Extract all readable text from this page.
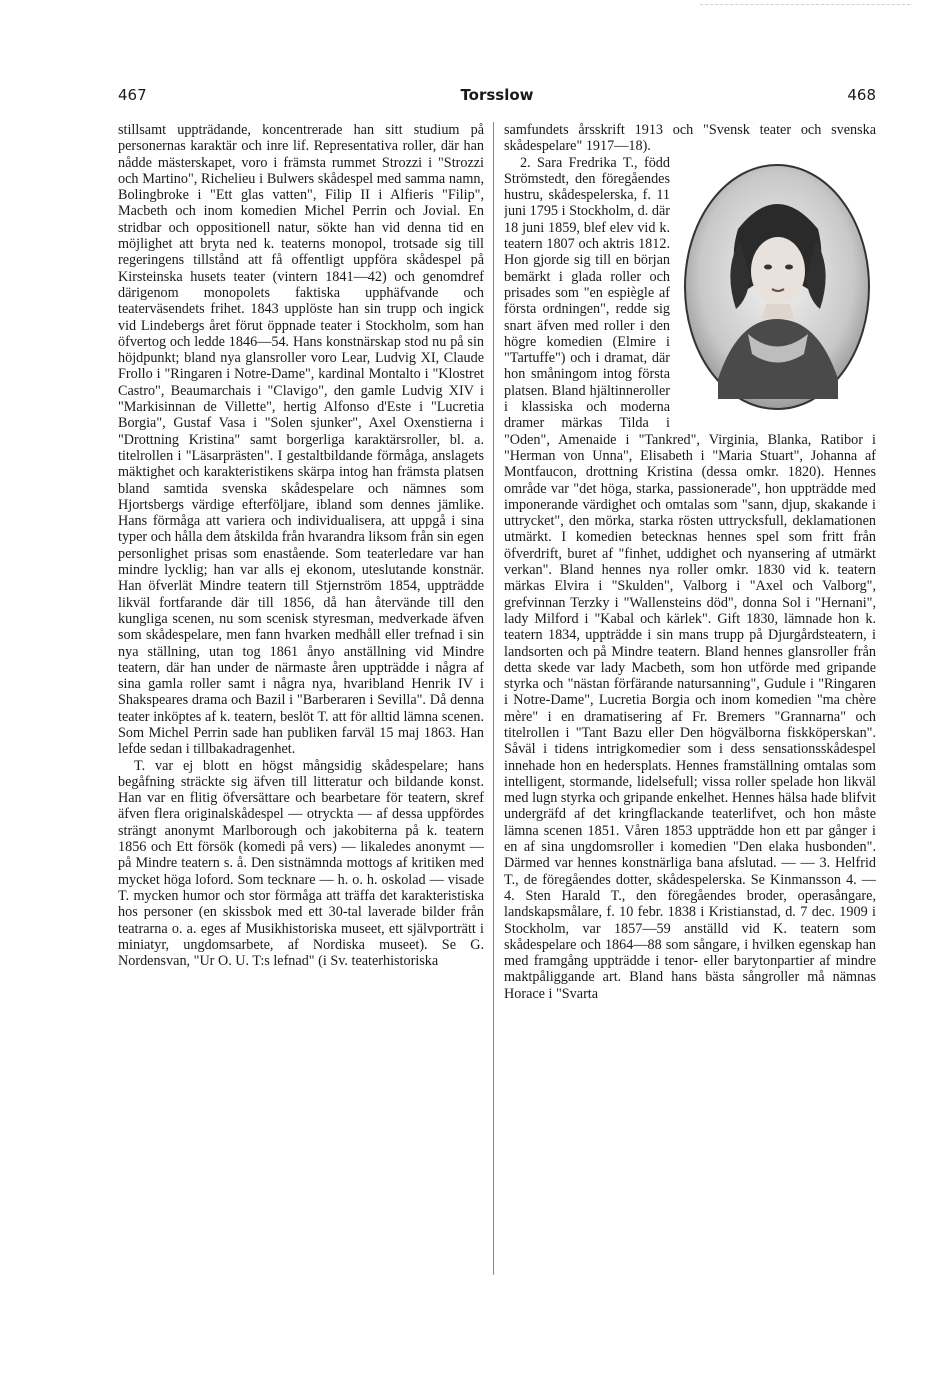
467	Torsslow	468

stillsamt uppträdande, koncentrerade han sitt studium på personernas karaktär och inre lif. Representativa roller, där han nådde mästerskapet, voro i främsta rummet Strozzi i "Strozzi och Martino", Richelieu i Bulwers skådespel med samma namn, Bolingbroke i "Ett glas vatten", Filip II i Alfieris "Filip", Macbeth och inom komedien Michel Perrin och Jovial. En stridbar och oppositionell natur, sökte han vid denna tid en möjlighet att bryta ned k. teaterns monopol, trotsade sig till regeringens tillstånd att få offentligt uppföra skådespel på Kirsteinska husets teater (vintern 1841—42) och genomdref därigenom monopolets faktiska upphäfvande och teaterväsendets frihet. 1843 upplöste han sin trupp och ingick vid Lindebergs året förut öppnade teater i Stockholm, som han öfvertog och ledde 1846—54. Hans konstnärskap stod nu på sin höjdpunkt; bland nya glansroller voro Lear, Ludvig XI, Claude Frollo i "Ringaren i Notre-Dame", kardinal Montalto i "Klostret Castro", Beaumarchais i "Clavigo", den gamle Ludvig XIV i "Markisinnan de Villette", hertig Alfonso d'Este i "Lucretia Borgia", Gustaf Vasa i "Solen sjunker", Axel Oxenstierna i "Drottning Kristina" samt borgerliga karaktärsroller, bl. a. titelrollen i "Läsarprästen". I gestaltbildande förmåga, anslagets mäktighet och karakteristikens skärpa intog han främsta platsen bland samtida svenska skådespelare och nämnes som Hjortsbergs värdige efterföljare, ibland som dennes jämlike. Hans förmåga att variera och individualisera, att uppgå i sina typer och hålla dem åtskilda från hvarandra liksom från sin egen personlighet prisas som enastående. Som teaterledare var han mindre lycklig; han var alls ej ekonom, uteslutande konstnär. Han öfverlät Mindre teatern till Stjernström 1854, uppträdde likväl fortfarande där till 1856, då han återvände till den kungliga scenen, nu som scenisk styresman, medverkade äfven som skådespelare, men fann hvarken medhåll eller trefnad i sin nya ställning, utan tog 1861 ånyo anställning vid Mindre teatern, där han under de närmaste åren uppträdde i några af sina gamla roller samt i några nya, hvaribland Henrik IV i Shakspeares drama och Bazil i "Barberaren i Sevilla". Då denna teater inköptes af k. teatern, beslöt T. att för alltid lämna scenen. Som Michel Perrin sade han publiken farväl 15 maj 1863. Han lefde sedan i tillbakadragenhet.

T. var ej blott en högst mångsidig skådespelare; hans begåfning sträckte sig äfven till litteratur och bildande konst. Han var en flitig öfversättare och bearbetare för teatern, skref äfven flera originalskådespel — otryckta — af dessa uppfördes strängt anonymt Marlborough och jakobiterna på k. teatern 1856 och Ett försök (komedi på vers) — likaledes anonymt — på Mindre teatern s. å. Den sistnämnda mottogs af kritiken med mycket höga loford. Som tecknare — h. o. h. oskolad — visade T. mycken humor och stor förmåga att träffa det karakteristiska hos personer (en skissbok med ett 30-tal laverade bilder från teatrarna o. a. eges af Musikhistoriska museet, ett självporträtt i miniatyr, ungdomsarbete, af Nordiska museet). Se G. Nordensvan, "Ur O. U. T:s lefnad" (i Sv. teaterhistoriska

samfundets årsskrift 1913 och "Svensk teater och svenska skådespelare" 1917—18).

2. Sara Fredrika T., född Strömstedt, den föregåendes hustru, skådespelerska, f. 11 juni 1795 i Stockholm, d. där 18 juni 1859, blef elev vid k. teatern 1807 och aktris 1812. Hon gjorde sig till en början bemärkt i glada roller och prisades som "en espiègle af första ordningen", redde sig snart äfven med roller i den högre komedien (Elmire i "Tartuffe") och i dramat, där hon småningom intog första platsen. Bland hjältinneroller i klassiska och moderna dramer märkas Tilda i "Oden", Amenaide i "Tankred", Virginia, Blanka, Ratibor i "Herman von Unna", Elisabeth i "Maria Stuart", Johanna af Montfaucon, drottning Kristina (dessa omkr. 1820). Hennes område var "det höga, starka, passionerade", hon uppträdde med imponerande värdighet och omtalas som "sann, djup, skakande i uttrycket", den mörka, starka rösten uttrycksfull, deklamationen utmärkt. I komedien betecknas hennes spel som fritt från öfverdrift, buret af "finhet, uddighet och nyansering af utmärkt verkan". Bland hennes nya roller omkr. 1830 vid k. teatern märkas Elvira i "Skulden", Valborg i "Axel och Valborg", grefvinnan Terzky i "Wallensteins död", donna Sol i "Hernani", lady Milford i "Kabal och kärlek". Gift 1830, lämnade hon k. teatern 1834, uppträdde i sin mans trupp på Djurgårdsteatern, i landsorten och på Mindre teatern. Bland hennes glansroller från detta skede var lady Macbeth, som hon utförde med gripande styrka och "nästan förfärande natursanning", Gudule i "Ringaren i Notre-Dame", Lucretia Borgia och inom komedien "ma chère mère" i en dramatisering af Fr. Bremers "Grannarna" och titelrollen i "Tant Bazu eller Den högvälborna fiskköperskan". Såväl i tidens intrigkomedier som i dess sensationsskådespel innehade hon en hedersplats. Hennes framställning omtalas som intelligent, stormande, lidelsefull; vissa roller spelade hon likväl med lugn styrka och gripande enkelhet. Hennes hälsa hade blifvit undergräfd af det kringflackande teaterlifvet, och hon måste lämna scenen 1851. Våren 1853 uppträdde hon ett par gånger i en af sina ungdomsroller i komedien "Den elaka husbonden". Därmed var hennes konstnärliga bana afslutad. — — 3. Helfrid T., de föregåendes dotter, skådespelerska. Se Kinmansson 4. — 4. Sten Harald T., den föregåendes broder, operasångare, landskapsmålare, f. 10 febr. 1838 i Kristianstad, d. 7 dec. 1909 i Stockholm, var 1857—59 anställd vid K. teatern som skådespelare och 1864—88 som sångare, i hvilken egenskap han med framgång uppträdde i tenor- eller barytonpartier af mindre maktpåliggande art. Bland hans bästa sångroller må nämnas Horace i "Svarta
